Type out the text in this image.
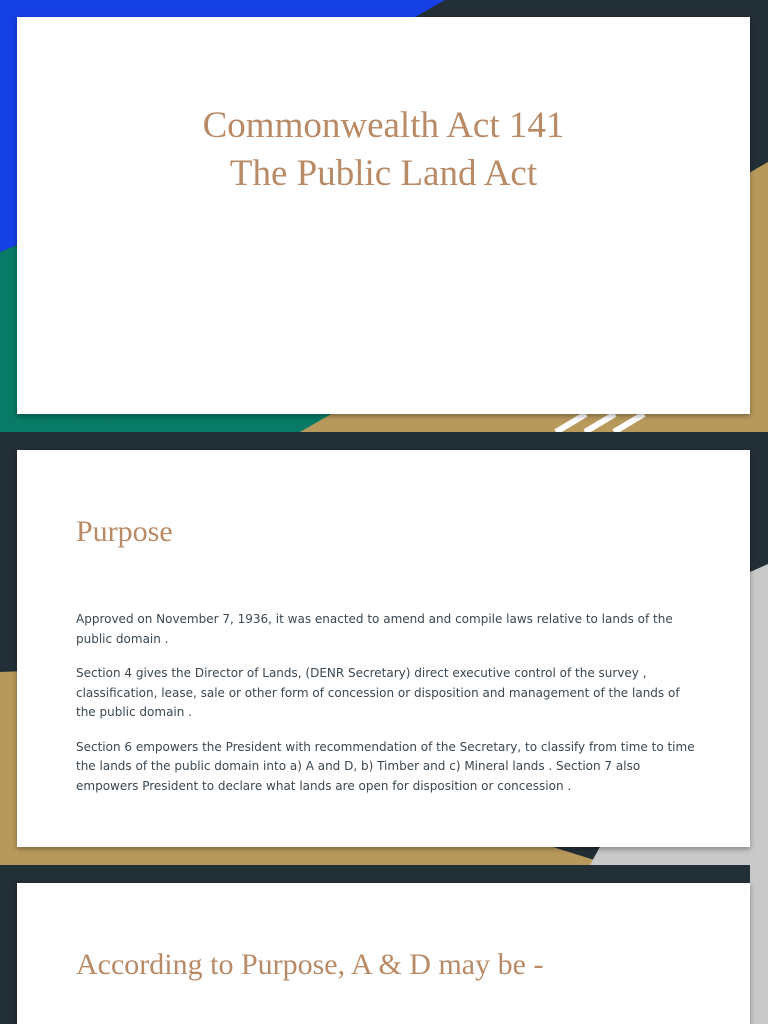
Commonwealth Act 141
The Public Land Act
Purpose

Approved on November 7, 1936, it was enacted to amend and compile laws relative to lands of the public domain .

Section 4 gives the Director of Lands, (DENR Secretary) direct executive control of the survey , classification, lease, sale or other form of concession or disposition and management of the lands of the public domain .

Section 6 empowers the President with recommendation of the Secretary, to classify from time to time the lands of the public domain into a) A and D, b) Timber and c) Mineral lands . Section 7 also empowers President to declare what lands are open for disposition or concession .

According to Purpose, A & D may be -
